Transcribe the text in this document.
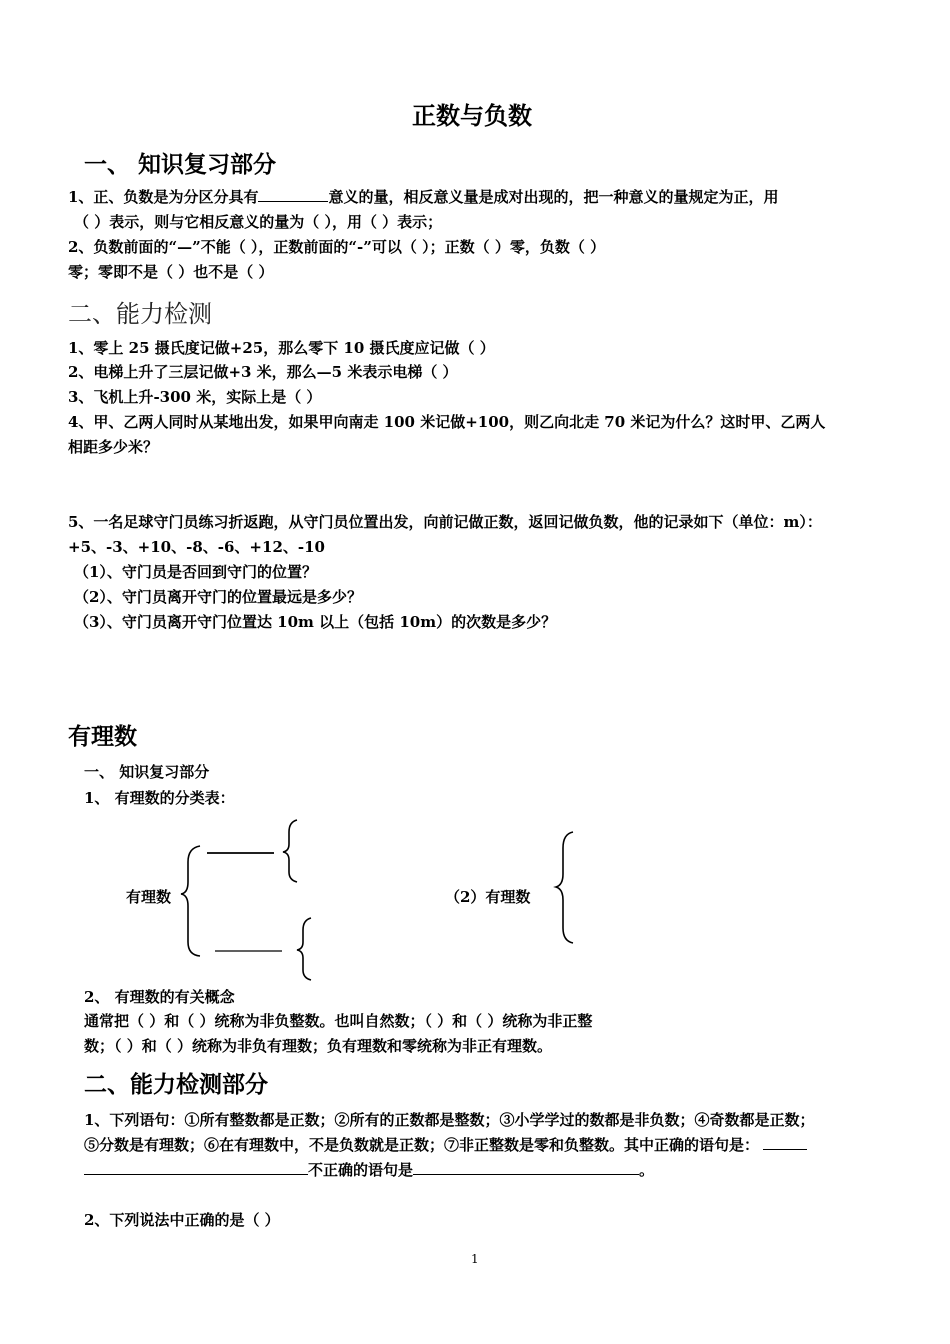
正数与负数
一、 知识复习部分
1、正、负数是为分区分具有	意义的量，相反意义量是成对出现的，把一种意义的量规定为正，用
（ ）表示，则与它相反意义的量为（ ），用（ ）表示；
2、负数前面的“—”不能（ ），正数前面的“-”可以（ ）；正数（ ）零，负数（ ）
零；零即不是（ ）也不是（ ）
二、能力检测
1、零上 25 摄氏度记做+25，那么零下 10 摄氏度应记做（ ）
2、电梯上升了三层记做+3 米，那么—5 米表示电梯（ ）
3、飞机上升-300 米，实际上是（ ）
4、甲、乙两人同时从某地出发，如果甲向南走 100 米记做+100，则乙向北走 70 米记为什么？这时甲、乙两人
相距多少米？
5、一名足球守门员练习折返跑，从守门员位置出发，向前记做正数，返回记做负数，他的记录如下（单位：m）：
+5、-3、+10、-8、-6、+12、-10
（1）、守门员是否回到守门的位置？
（2）、守门员离开守门的位置最远是多少？
（3）、守门员离开守门位置达 10m 以上（包括 10m）的次数是多少？
有理数
一、 知识复习部分
1、 有理数的分类表：
有理数	（2）有理数
2、 有理数的有关概念
通常把（ ）和（ ）统称为非负整数。也叫自然数；（ ）和（ ）统称为非正整
数；（ ）和（ ）统称为非负有理数；负有理数和零统称为非正有理数。
二、能力检测部分
1、下列语句：①所有整数都是正数；②所有的正数都是整数；③小学学过的数都是非负数；④奇数都是正数；
⑤分数是有理数；⑥在有理数中，不是负数就是正数；⑦非正整数是零和负整数。其中正确的语句是：
不正确的语句是	。
2、下列说法中正确的是（ ）
1
